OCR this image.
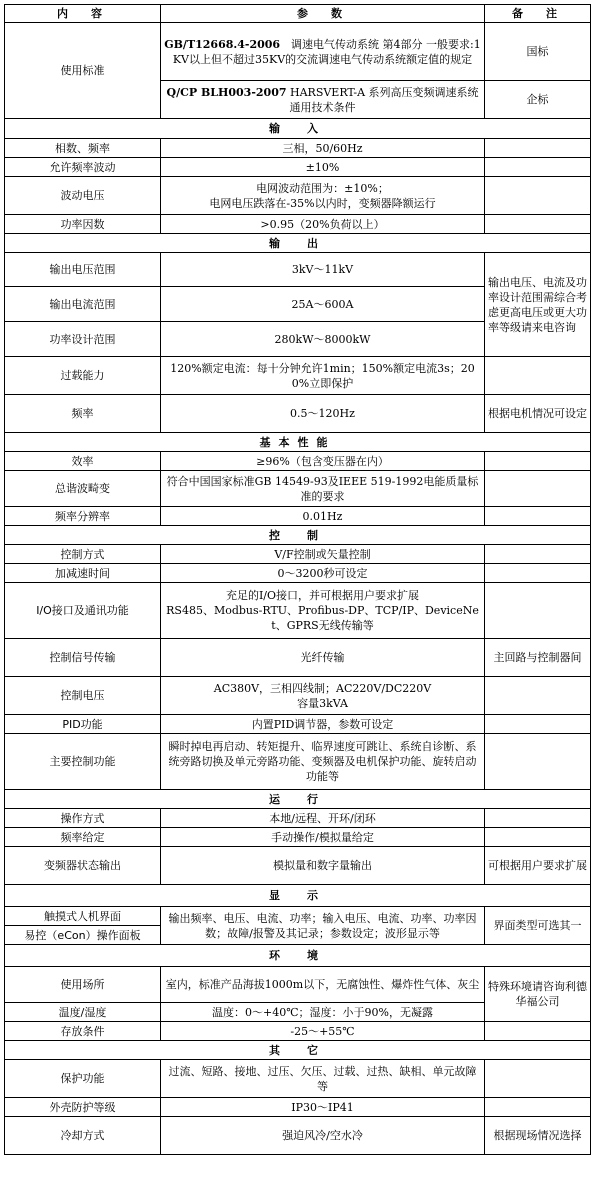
内　容	参　数	备　注
使用标准	GB/T12668.4-2006　调速电气传动系统 第4部分 一般要求:1KV以上但不超过35KV的交流调速电气传动系统额定值的规定	国标
	Q/CP BLH003-2007 HARSVERT-A 系列高压变频调速系统通用技术条件	企标
输　入		
相数、频率	三相，50/60Hz	
允许频率波动	±10%	
波动电压	电网波动范围为：±10%；
电网电压跌落在-35%以内时，变频器降额运行	
功率因数	>0.95（20%负荷以上）	
输　出		
输出电压范围	3kV～11kV	输出电压、电流及功率设计范围需综合考虑更高电压或更大功率等级请来电咨询
输出电流范围	25A～600A	
功率设计范围	280kW～8000kW	
过载能力	120%额定电流：每十分钟允许1min；150%额定电流3s；200%立即保护	
频率	0.5～120Hz	根据电机情况可设定
基本性能		
效率	≥96%（包含变压器在内）	
总谐波畸变	符合中国国家标准GB 14549-93及IEEE 519-1992电能质量标准的要求	
频率分辨率	0.01Hz	
控　制		
控制方式	V/F控制或矢量控制	
加减速时间	0～3200秒可设定	
I/O接口及通讯功能	充足的I/O接口，并可根据用户要求扩展
RS485、Modbus-RTU、Profibus-DP、TCP/IP、DeviceNet、GPRS无线传输等	
控制信号传输	光纤传输	主回路与控制器间
控制电压	AC380V，三相四线制；AC220V/DC220V
容量3kVA	
PID功能	内置PID调节器，参数可设定	
主要控制功能	瞬时掉电再启动、转矩提升、临界速度可跳让、系统自诊断、系统旁路切换及单元旁路功能、变频器及电机保护功能、旋转启动功能等	
运　行		
操作方式	本地/远程、开环/闭环	
频率给定	手动操作/模拟量给定	
变频器状态输出	模拟量和数字量输出	可根据用户要求扩展
显　示		
触摸式人机界面	输出频率、电压、电流、功率；输入电压、电流、功率、功率因数；故障/报警及其记录；参数设定；波形显示等	界面类型可选其一
易控（eCon）操作面板		
环　境		
使用场所	室内，标准产品海拔1000m以下，无腐蚀性、爆炸性气体、灰尘	特殊环境请咨询利德华福公司
温度/湿度	温度：0～+40℃；湿度：小于90%，无凝露	
存放条件	-25～+55℃	
其　它		
保护功能	过流、短路、接地、过压、欠压、过载、过热、缺相、单元故障等	
外壳防护等级	IP30～IP41	
冷却方式	强迫风冷/空水冷	根据现场情况选择
